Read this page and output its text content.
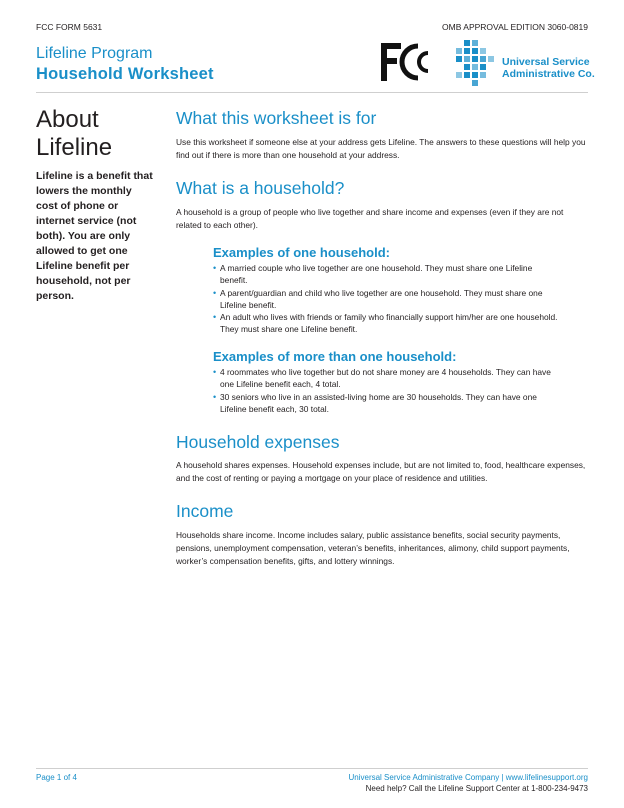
FCC FORM 5631	OMB APPROVAL EDITION 3060-0819
Lifeline Program
Household Worksheet
Universal Service
Administrative Co.
About Lifeline
Lifeline is a benefit that lowers the monthly cost of phone or internet service (not both). You are only allowed to get one Lifeline benefit per household, not per person.
What this worksheet is for
Use this worksheet if someone else at your address gets Lifeline. The answers to these questions will help you find out if there is more than one household at your address.
What is a household?
A household is a group of people who live together and share income and expenses (even if they are not related to each other).
Examples of one household:
• A married couple who live together are one household. They must share one Lifeline benefit.
• A parent/guardian and child who live together are one household. They must share one Lifeline benefit.
• An adult who lives with friends or family who financially support him/her are one household. They must share one Lifeline benefit.
Examples of more than one household:
• 4 roommates who live together but do not share money are 4 households. They can have one Lifeline benefit each, 4 total.
• 30 seniors who live in an assisted-living home are 30 households. They can have one Lifeline benefit each, 30 total.
Household expenses
A household shares expenses. Household expenses include, but are not limited to, food, healthcare expenses, and the cost of renting or paying a mortgage on your place of residence and utilities.
Income
Households share income. Income includes salary, public assistance benefits, social security payments, pensions, unemployment compensation, veteran’s benefits, inheritances, alimony, child support payments, worker’s compensation benefits, gifts, and lottery winnings.
Page 1 of 4	Universal Service Administrative Company | www.lifelinesupport.org
Need help? Call the Lifeline Support Center at 1-800-234-9473
